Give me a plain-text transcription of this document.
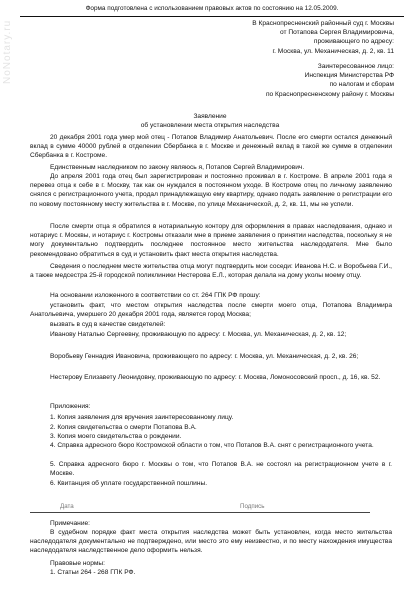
NoNotary.ru
Форма подготовлена с использованием правовых актов по состоянию на 12.05.2009.
В Краснопресненский районный суд г. Москвы
от Потапова Сергея Владимировича,
проживающего по адресу:
г. Москва, ул. Механическая, д. 2, кв. 11
Заинтересованное лицо:
Инспекция Министерства РФ
по налогам и сборам
по Краснопресненскому району г. Москвы
Заявление
об установлении места открытия наследства
20 декабря 2001 года умер мой отец - Потапов Владимир Анатольевич. После его смерти остался денежный вклад в сумме 40000 рублей в отделении Сбербанка в г. Москве и денежный вклад в такой же сумме в отделении Сбербанка в г. Костроме.
Единственным наследником по закону являюсь я, Потапов Сергей Владимирович.
До апреля 2001 года отец был зарегистрирован и постоянно проживал в г. Костроме. В апреле 2001 года я перевез отца к себе в г. Москву, так как он нуждался в постоянном уходе. В Костроме отец по личному заявлению снялся с регистрационного учета, продал принадлежащую ему квартиру, однако подать заявление о регистрации его по новому постоянному месту жительства в г. Москве, по улице Механической, д. 2, кв. 11, мы не успели.
После смерти отца я обратился в нотариальную контору для оформления в правах наследования, однако и нотариус г. Москвы, и нотариус г. Костромы отказали мне в приеме заявления о принятии наследства, поскольку я не могу документально подтвердить последнее постоянное место жительства наследодателя. Мне было рекомендовано обратиться в суд и установить факт места открытия наследства.
Сведения о последнем месте жительства отца могут подтвердить мои соседи: Иванова Н.С. и Воробьева Г.И., а также медсестра 25-й городской поликлиники Нестерова Е.Л., которая делала на дому уколы моему отцу.
На основании изложенного в соответствии со ст. 264 ГПК РФ прошу:
установить факт, что местом открытия наследства после смерти моего отца, Потапова Владимира Анатольевича, умершего 20 декабря 2001 года, является город Москва;
вызвать в суд в качестве свидетелей:
Иванову Наталью Сергеевну, проживающую по адресу: г. Москва, ул. Механическая, д. 2, кв. 12;
Воробьеву Геннадия Ивановича, проживающего по адресу: г. Москва, ул. Механическая, д. 2, кв. 26;
Нестерову Елизавету Леонидовну, проживающую по адресу: г. Москва, Ломоносовский просп., д. 16, кв. 52.
Приложения:
1. Копия заявления для вручения заинтересованному лицу.
2. Копия свидетельства о смерти Потапова В.А.
3. Копия моего свидетельства о рождении.
4. Справка адресного бюро Костромской области о том, что Потапов В.А. снят с регистрационного учета.
5. Справка адресного бюро г. Москвы о том, что Потапов В.А. не состоял на регистрационном учете в г. Москве.
6. Квитанция об уплате государственной пошлины.
Дата	Подпись
Примечание:
В судебном порядке факт места открытия наследства может быть установлен, когда место жительства наследодателя документально не подтверждено, или место это ему неизвестно, и по месту нахождения имущества наследодателя наследственное дело оформить нельзя.
Правовые нормы:
1. Статьи 264 - 268 ГПК РФ.
